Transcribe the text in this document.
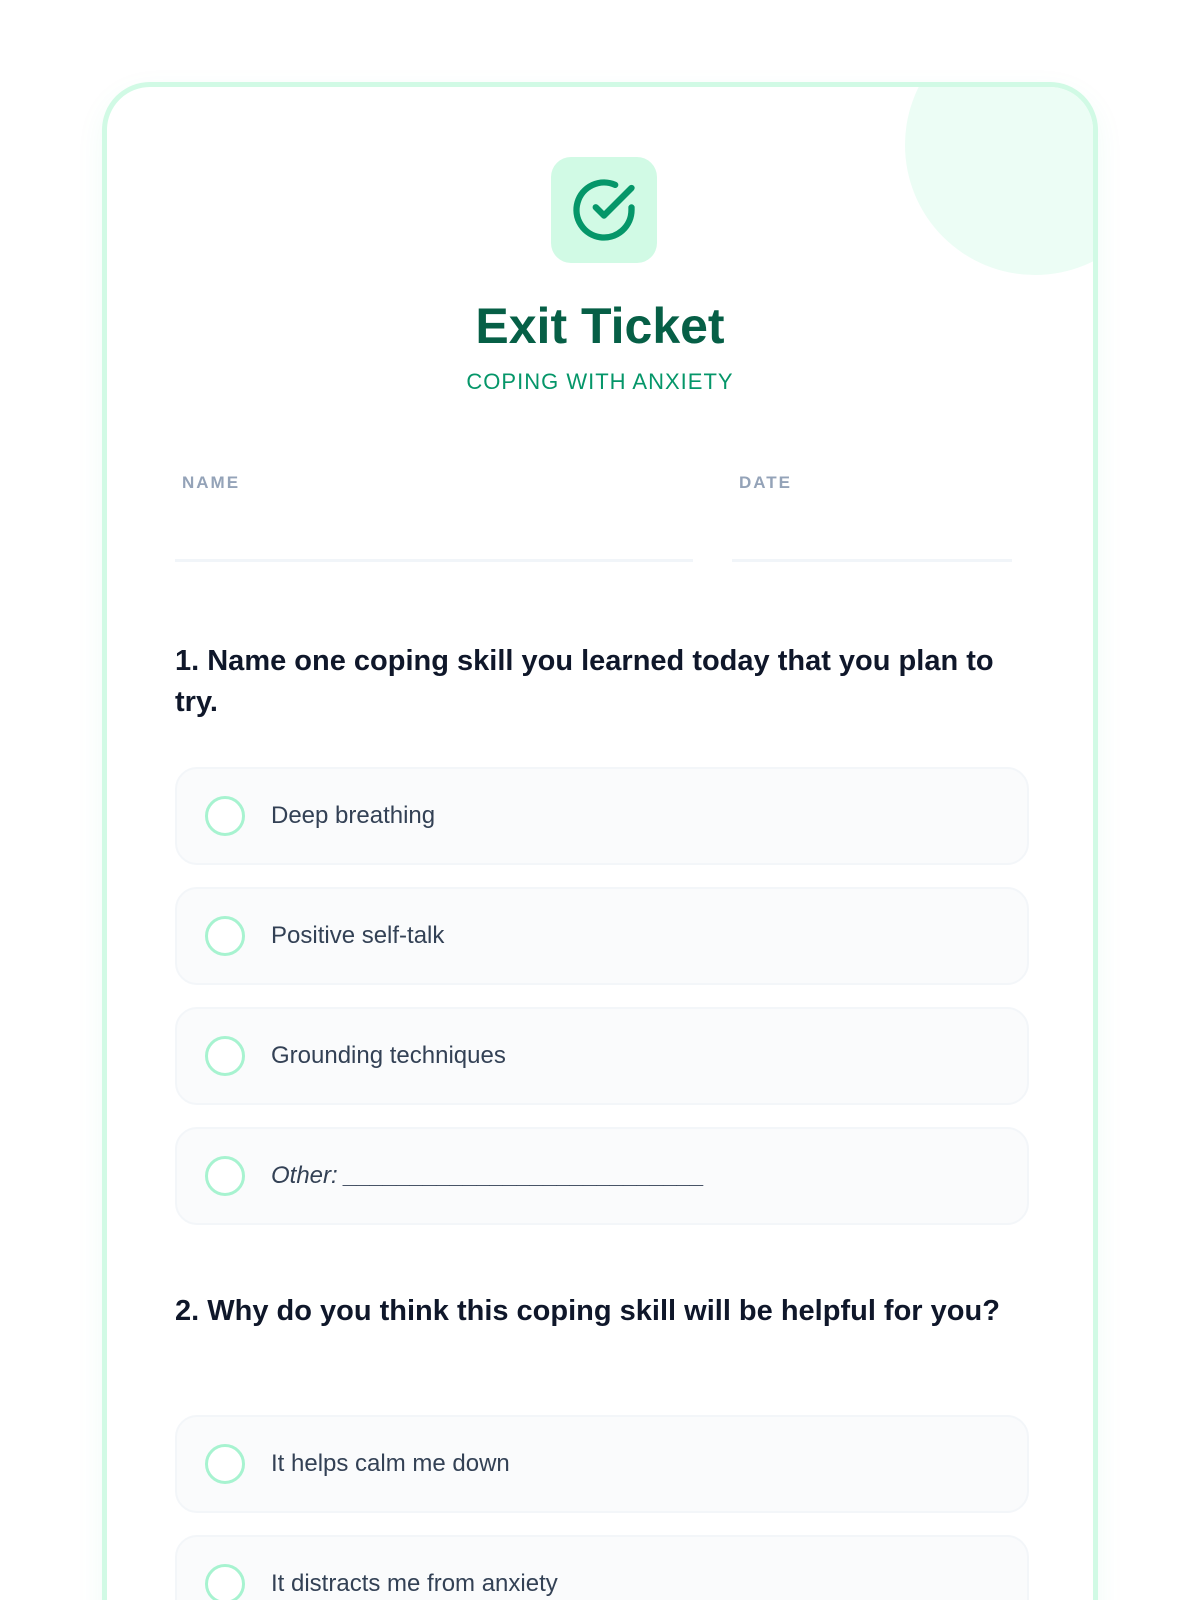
Exit Ticket
COPING WITH ANXIETY
NAME	DATE
1. Name one coping skill you learned today that you plan to try.
Deep breathing
Positive self-talk
Grounding techniques
Other: ___________________________
2. Why do you think this coping skill will be helpful for you?
It helps calm me down
It distracts me from anxiety
